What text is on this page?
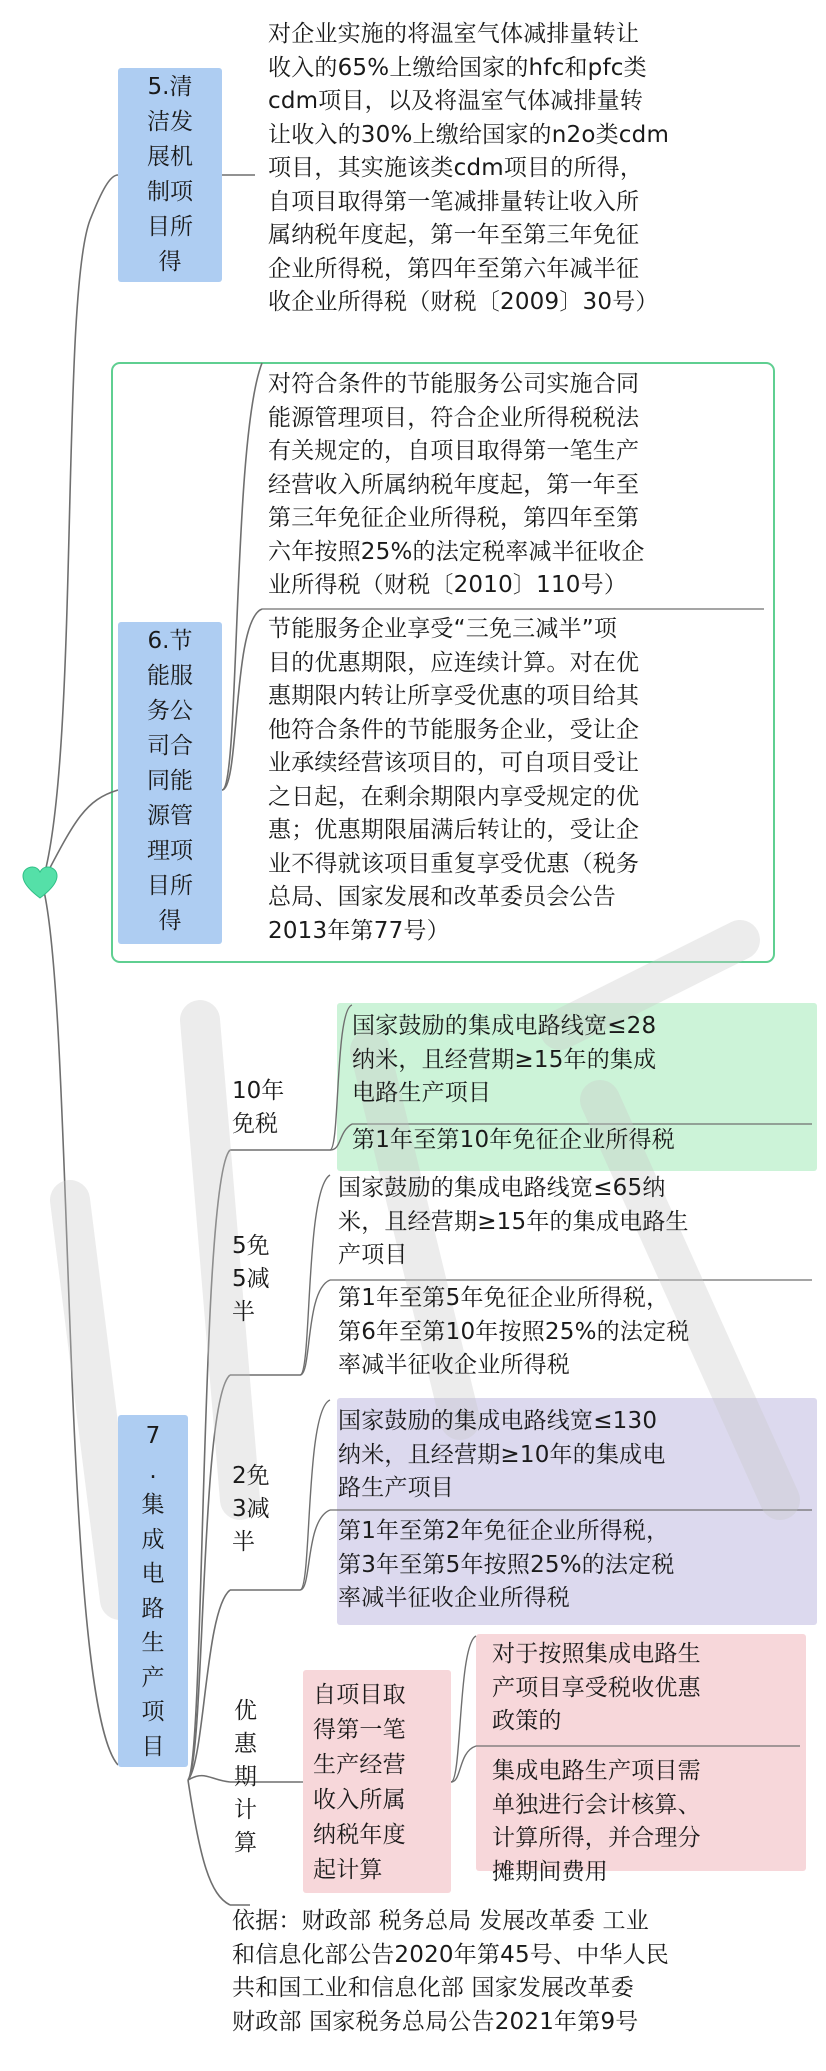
5.清
洁发
展机
制项
目所
得
对企业实施的将温室气体减排量转让
收入的65%上缴给国家的hfc和pfc类
cdm项目，以及将温室气体减排量转
让收入的30%上缴给国家的n2o类cdm
项目，其实施该类cdm项目的所得，
自项目取得第一笔减排量转让收入所
属纳税年度起，第一年至第三年免征
企业所得税，第四年至第六年减半征
收企业所得税（财税〔2009〕30号）
6.节
能服
务公
司合
同能
源管
理项
目所
得
对符合条件的节能服务公司实施合同
能源管理项目，符合企业所得税税法
有关规定的，自项目取得第一笔生产
经营收入所属纳税年度起，第一年至
第三年免征企业所得税，第四年至第
六年按照25%的法定税率减半征收企
业所得税（财税〔2010〕110号）
节能服务企业享受“三免三减半”项
目的优惠期限，应连续计算。对在优
惠期限内转让所享受优惠的项目给其
他符合条件的节能服务企业，受让企
业承续经营该项目的，可自项目受让
之日起，在剩余期限内享受规定的优
惠；优惠期限届满后转让的，受让企
业不得就该项目重复享受优惠（税务
总局、国家发展和改革委员会公告
2013年第77号）
7
.
集
成
电
路
生
产
项
目
10年
免税
国家鼓励的集成电路线宽≤28
纳米，且经营期≥15年的集成
电路生产项目
第1年至第10年免征企业所得税
5免
5减
半
国家鼓励的集成电路线宽≤65纳
米，且经营期≥15年的集成电路生
产项目
第1年至第5年免征企业所得税，
第6年至第10年按照25%的法定税
率减半征收企业所得税
2免
3减
半
国家鼓励的集成电路线宽≤130
纳米，且经营期≥10年的集成电
路生产项目
第1年至第2年免征企业所得税，
第3年至第5年按照25%的法定税
率减半征收企业所得税
优
惠
期
计
算
自项目取
得第一笔
生产经营
收入所属
纳税年度
起计算
对于按照集成电路生
产项目享受税收优惠
政策的
集成电路生产项目需
单独进行会计核算、
计算所得，并合理分
摊期间费用
依据：财政部 税务总局 发展改革委 工业
和信息化部公告2020年第45号、中华人民
共和国工业和信息化部 国家发展改革委
财政部 国家税务总局公告2021年第9号
